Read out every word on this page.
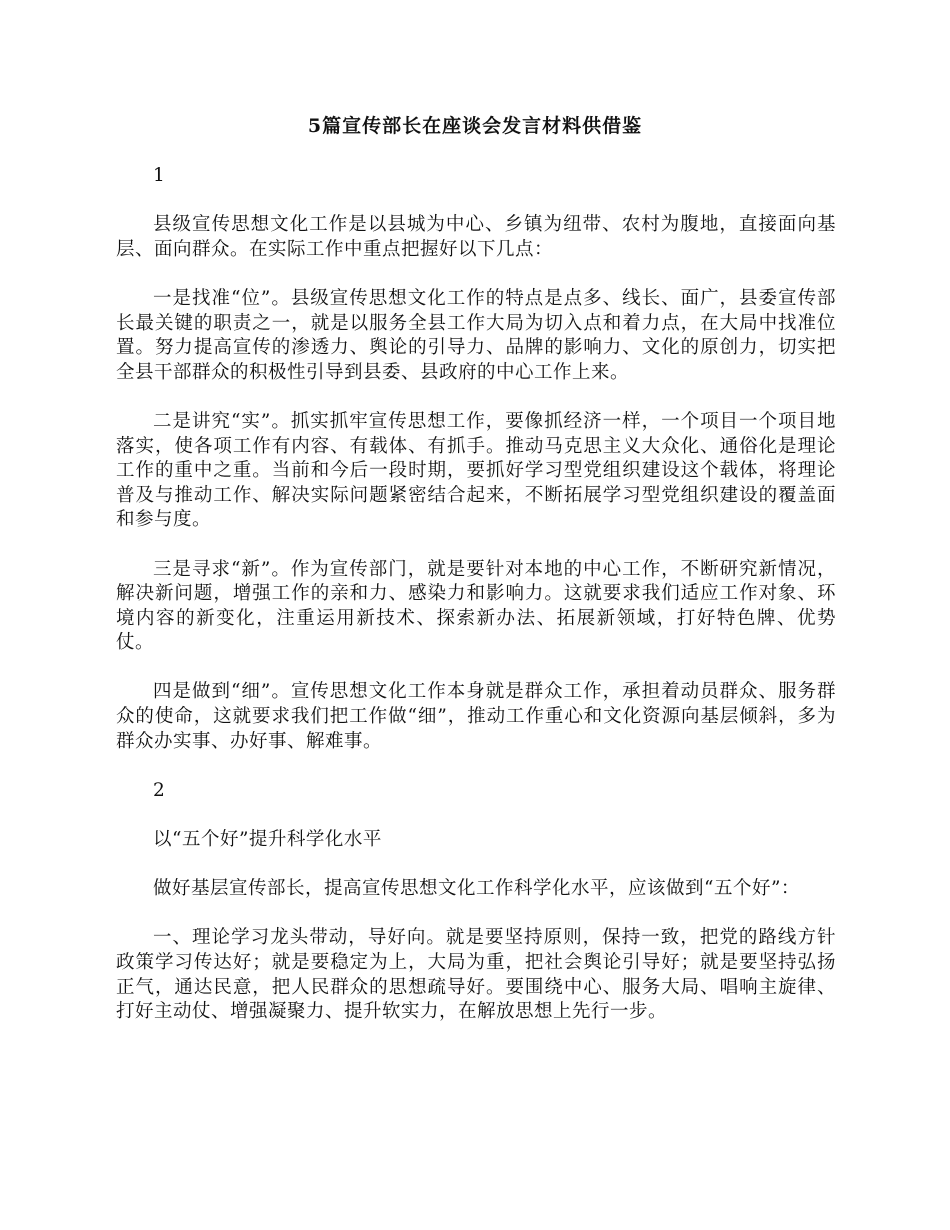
5篇宣传部长在座谈会发言材料供借鉴

1

县级宣传思想文化工作是以县城为中心、乡镇为纽带、农村为腹地，直接面向基层、面向群众。在实际工作中重点把握好以下几点：

一是找准“位”。县级宣传思想文化工作的特点是点多、线长、面广，县委宣传部长最关键的职责之一，就是以服务全县工作大局为切入点和着力点，在大局中找准位置。努力提高宣传的渗透力、舆论的引导力、品牌的影响力、文化的原创力，切实把全县干部群众的积极性引导到县委、县政府的中心工作上来。

二是讲究“实”。抓实抓牢宣传思想工作，要像抓经济一样，一个项目一个项目地落实，使各项工作有内容、有载体、有抓手。推动马克思主义大众化、通俗化是理论工作的重中之重。当前和今后一段时期，要抓好学习型党组织建设这个载体，将理论普及与推动工作、解决实际问题紧密结合起来，不断拓展学习型党组织建设的覆盖面和参与度。

三是寻求“新”。作为宣传部门，就是要针对本地的中心工作，不断研究新情况，解决新问题，增强工作的亲和力、感染力和影响力。这就要求我们适应工作对象、环境内容的新变化，注重运用新技术、探索新办法、拓展新领域，打好特色牌、优势仗。

四是做到“细”。宣传思想文化工作本身就是群众工作，承担着动员群众、服务群众的使命，这就要求我们把工作做“细”，推动工作重心和文化资源向基层倾斜，多为群众办实事、办好事、解难事。

2

以“五个好”提升科学化水平

做好基层宣传部长，提高宣传思想文化工作科学化水平，应该做到“五个好”：

一、理论学习龙头带动，导好向。就是要坚持原则，保持一致，把党的路线方针政策学习传达好；就是要稳定为上，大局为重，把社会舆论引导好；就是要坚持弘扬正气，通达民意，把人民群众的思想疏导好。要围绕中心、服务大局、唱响主旋律、打好主动仗、增强凝聚力、提升软实力，在解放思想上先行一步。
